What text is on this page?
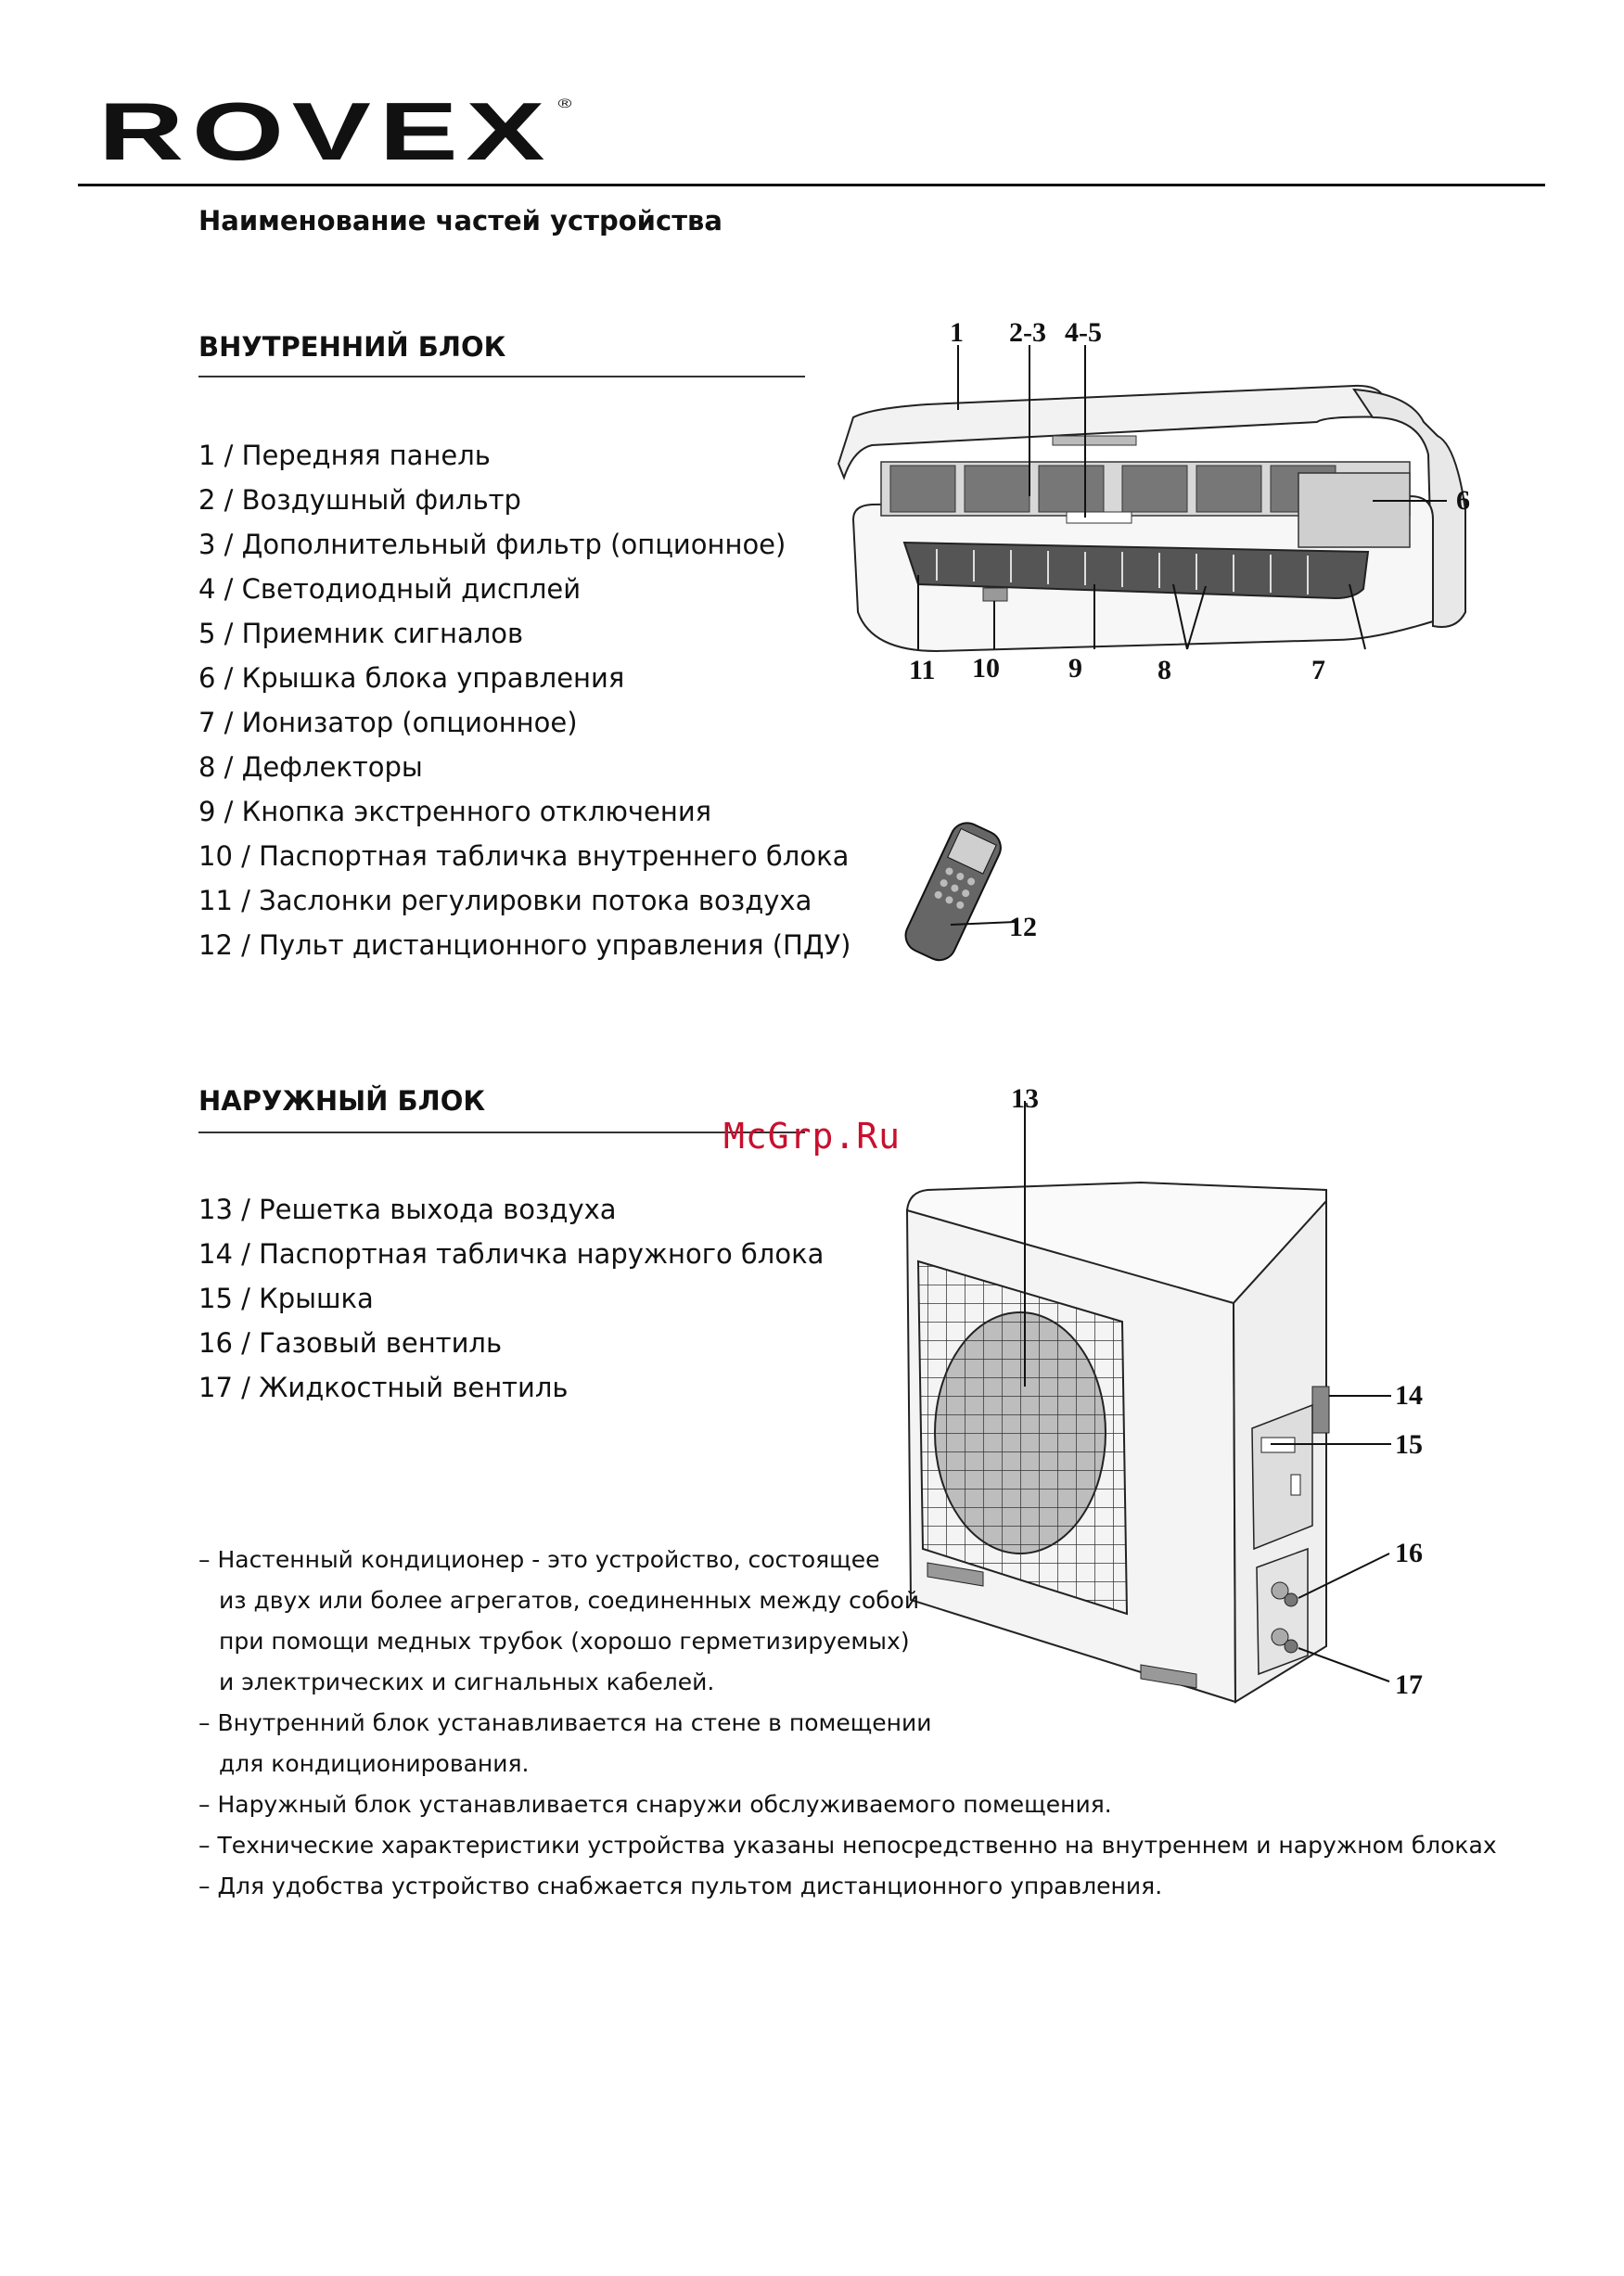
ROVEX ®
Наименование частей устройства
ВНУТРЕННИЙ БЛОК
1 / Передняя панель
2 / Воздушный фильтр
3 / Дополнительный фильтр (опционное)
4 / Светодиодный дисплей
5 / Приемник сигналов
6 / Крышка блока управления
7 / Ионизатор (опционное)
8 / Дефлекторы
9 / Кнопка экстренного отключения
10 / Паспортная табличка внутреннего блока
11 / Заслонки регулировки потока воздуха
12 / Пульт дистанционного управления (ПДУ)
1 2-3 4-5
6
11 10 9	8	7
12
НАРУЖНЫЙ БЛОК
13 / Решетка выхода воздуха
14 / Паспортная табличка наружного блока
15 / Крышка
16 / Газовый вентиль
17 / Жидкостный вентиль
McGrp.Ru
13
14
15
16
17
– Настенный кондиционер - это устройство, состоящее
из двух или более агрегатов, соединенных между собой
при помощи медных трубок (хорошо герметизируемых)
и электрических и сигнальных кабелей.
– Внутренний блок устанавливается на стене в помещении
для кондиционирования.
– Наружный блок устанавливается снаружи обслуживаемого помещения.
– Технические характеристики устройства указаны непосредственно на внутреннем и наружном блоках
– Для удобства устройство снабжается пультом дистанционного управления.
